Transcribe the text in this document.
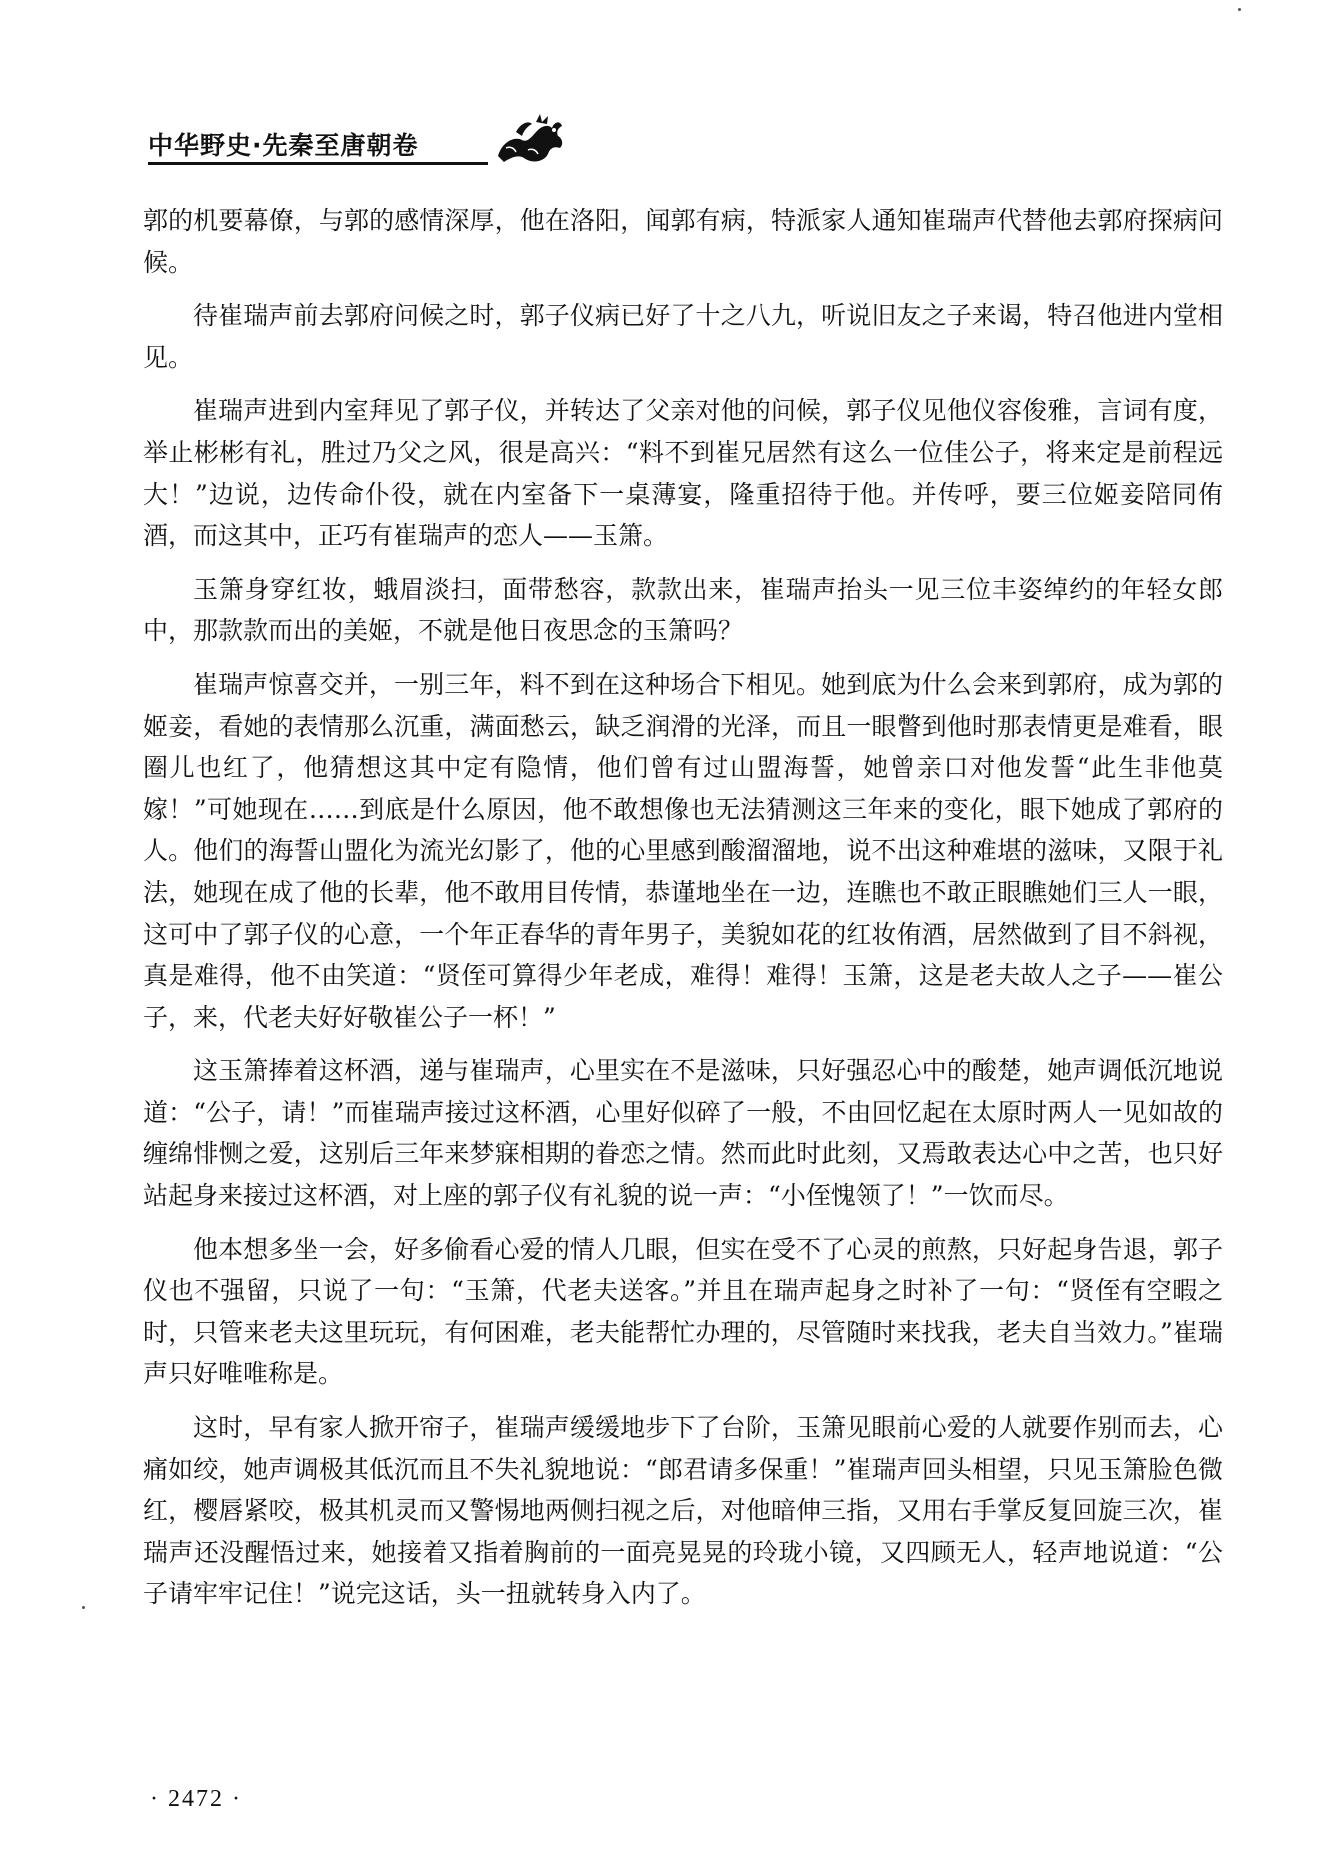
中华野史·先秦至唐朝卷

郭的机要幕僚，与郭的感情深厚，他在洛阳，闻郭有病，特派家人通知崔瑞声代替他去郭府探病问候。

待崔瑞声前去郭府问候之时，郭子仪病已好了十之八九，听说旧友之子来谒，特召他进内堂相见。

崔瑞声进到内室拜见了郭子仪，并转达了父亲对他的问候，郭子仪见他仪容俊雅，言词有度，举止彬彬有礼，胜过乃父之风，很是高兴：“料不到崔兄居然有这么一位佳公子，将来定是前程远大！”边说，边传命仆役，就在内室备下一桌薄宴，隆重招待于他。并传呼，要三位姬妾陪同侑酒，而这其中，正巧有崔瑞声的恋人——玉箫。

玉箫身穿红妆，蛾眉淡扫，面带愁容，款款出来，崔瑞声抬头一见三位丰姿绰约的年轻女郎中，那款款而出的美姬，不就是他日夜思念的玉箫吗？

崔瑞声惊喜交并，一别三年，料不到在这种场合下相见。她到底为什么会来到郭府，成为郭的姬妾，看她的表情那么沉重，满面愁云，缺乏润滑的光泽，而且一眼瞥到他时那表情更是难看，眼圈儿也红了，他猜想这其中定有隐情，他们曾有过山盟海誓，她曾亲口对他发誓“此生非他莫嫁！”可她现在……到底是什么原因，他不敢想像也无法猜测这三年来的变化，眼下她成了郭府的人。他们的海誓山盟化为流光幻影了，他的心里感到酸溜溜地，说不出这种难堪的滋味，又限于礼法，她现在成了他的长辈，他不敢用目传情，恭谨地坐在一边，连瞧也不敢正眼瞧她们三人一眼，这可中了郭子仪的心意，一个年正春华的青年男子，美貌如花的红妆侑酒，居然做到了目不斜视，真是难得，他不由笑道：“贤侄可算得少年老成，难得！难得！玉箫，这是老夫故人之子——崔公子，来，代老夫好好敬崔公子一杯！”

这玉箫捧着这杯酒，递与崔瑞声，心里实在不是滋味，只好强忍心中的酸楚，她声调低沉地说道：“公子，请！”而崔瑞声接过这杯酒，心里好似碎了一般，不由回忆起在太原时两人一见如故的缠绵悱恻之爱，这别后三年来梦寐相期的眷恋之情。然而此时此刻，又焉敢表达心中之苦，也只好站起身来接过这杯酒，对上座的郭子仪有礼貌的说一声：“小侄愧领了！”一饮而尽。

他本想多坐一会，好多偷看心爱的情人几眼，但实在受不了心灵的煎熬，只好起身告退，郭子仪也不强留，只说了一句：“玉箫，代老夫送客。”并且在瑞声起身之时补了一句：“贤侄有空暇之时，只管来老夫这里玩玩，有何困难，老夫能帮忙办理的，尽管随时来找我，老夫自当效力。”崔瑞声只好唯唯称是。

这时，早有家人掀开帘子，崔瑞声缓缓地步下了台阶，玉箫见眼前心爱的人就要作别而去，心痛如绞，她声调极其低沉而且不失礼貌地说：“郎君请多保重！”崔瑞声回头相望，只见玉箫脸色微红，樱唇紧咬，极其机灵而又警惕地两侧扫视之后，对他暗伸三指，又用右手掌反复回旋三次，崔瑞声还没醒悟过来，她接着又指着胸前的一面亮晃晃的玲珑小镜，又四顾无人，轻声地说道：“公子请牢牢记住！”说完这话，头一扭就转身入内了。

· 2472 ·
